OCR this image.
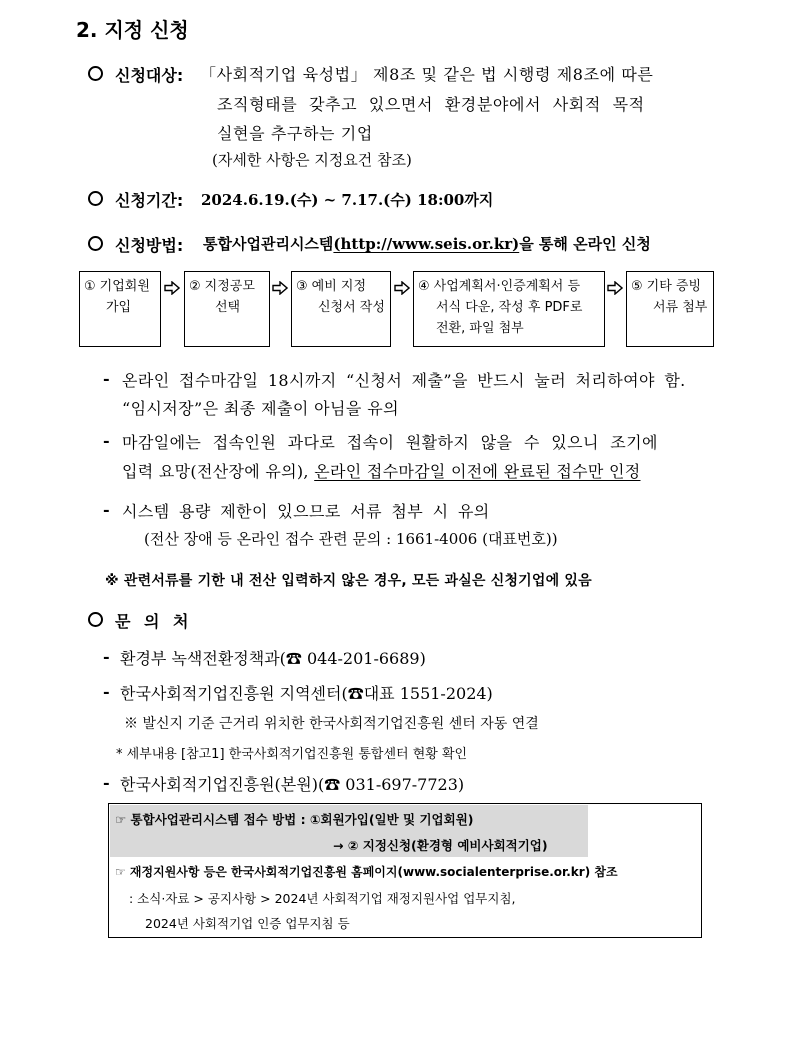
2. 지정 신청
신청대상: 「사회적기업 육성법」 제8조 및 같은 법 시행령 제8조에 따른
조직형태를 갖추고 있으면서 환경분야에서 사회적 목적
실현을 추구하는 기업
(자세한 사항은 지정요건 참조)
신청기간: 2024.6.19.(수) ~ 7.17.(수) 18:00까지
신청방법: 통합사업관리시스템(http://www.seis.or.kr)을 통해 온라인 신청
① 기업회원
가입
② 지정공모
선택
③ 예비 지정
신청서 작성
④ 사업계획서·인증계획서 등
서식 다운, 작성 후 PDF로
전환, 파일 첨부
⑤ 기타 증빙
서류 첨부
- 온라인 접수마감일 18시까지 “신청서 제출”을 반드시 눌러 처리하여야 함.
“임시저장”은 최종 제출이 아님을 유의
- 마감일에는 접속인원 과다로 접속이 원활하지 않을 수 있으니 조기에
입력 요망(전산장에 유의), 온라인 접수마감일 이전에 완료된 접수만 인정
- 시스템 용량 제한이 있으므로 서류 첨부 시 유의
(전산 장애 등 온라인 접수 관련 문의 : 1661-4006 (대표번호))
※ 관련서류를 기한 내 전산 입력하지 않은 경우, 모든 과실은 신청기업에 있음
문 의 처
- 환경부 녹색전환정책과(☎ 044-201-6689)
- 한국사회적기업진흥원 지역센터(☎대표 1551-2024)
※ 발신지 기준 근거리 위치한 한국사회적기업진흥원 센터 자동 연결
* 세부내용 [참고1] 한국사회적기업진흥원 통합센터 현황 확인
- 한국사회적기업진흥원(본원)(☎ 031-697-7723)
☞ 통합사업관리시스템 접수 방법 : ①회원가입(일반 및 기업회원)
→ ② 지정신청(환경형 예비사회적기업)
☞ 재정지원사항 등은 한국사회적기업진흥원 홈페이지(www.socialenterprise.or.kr) 참조
: 소식·자료 > 공지사항 > 2024년 사회적기업 재정지원사업 업무지침,
2024년 사회적기업 인증 업무지침 등
